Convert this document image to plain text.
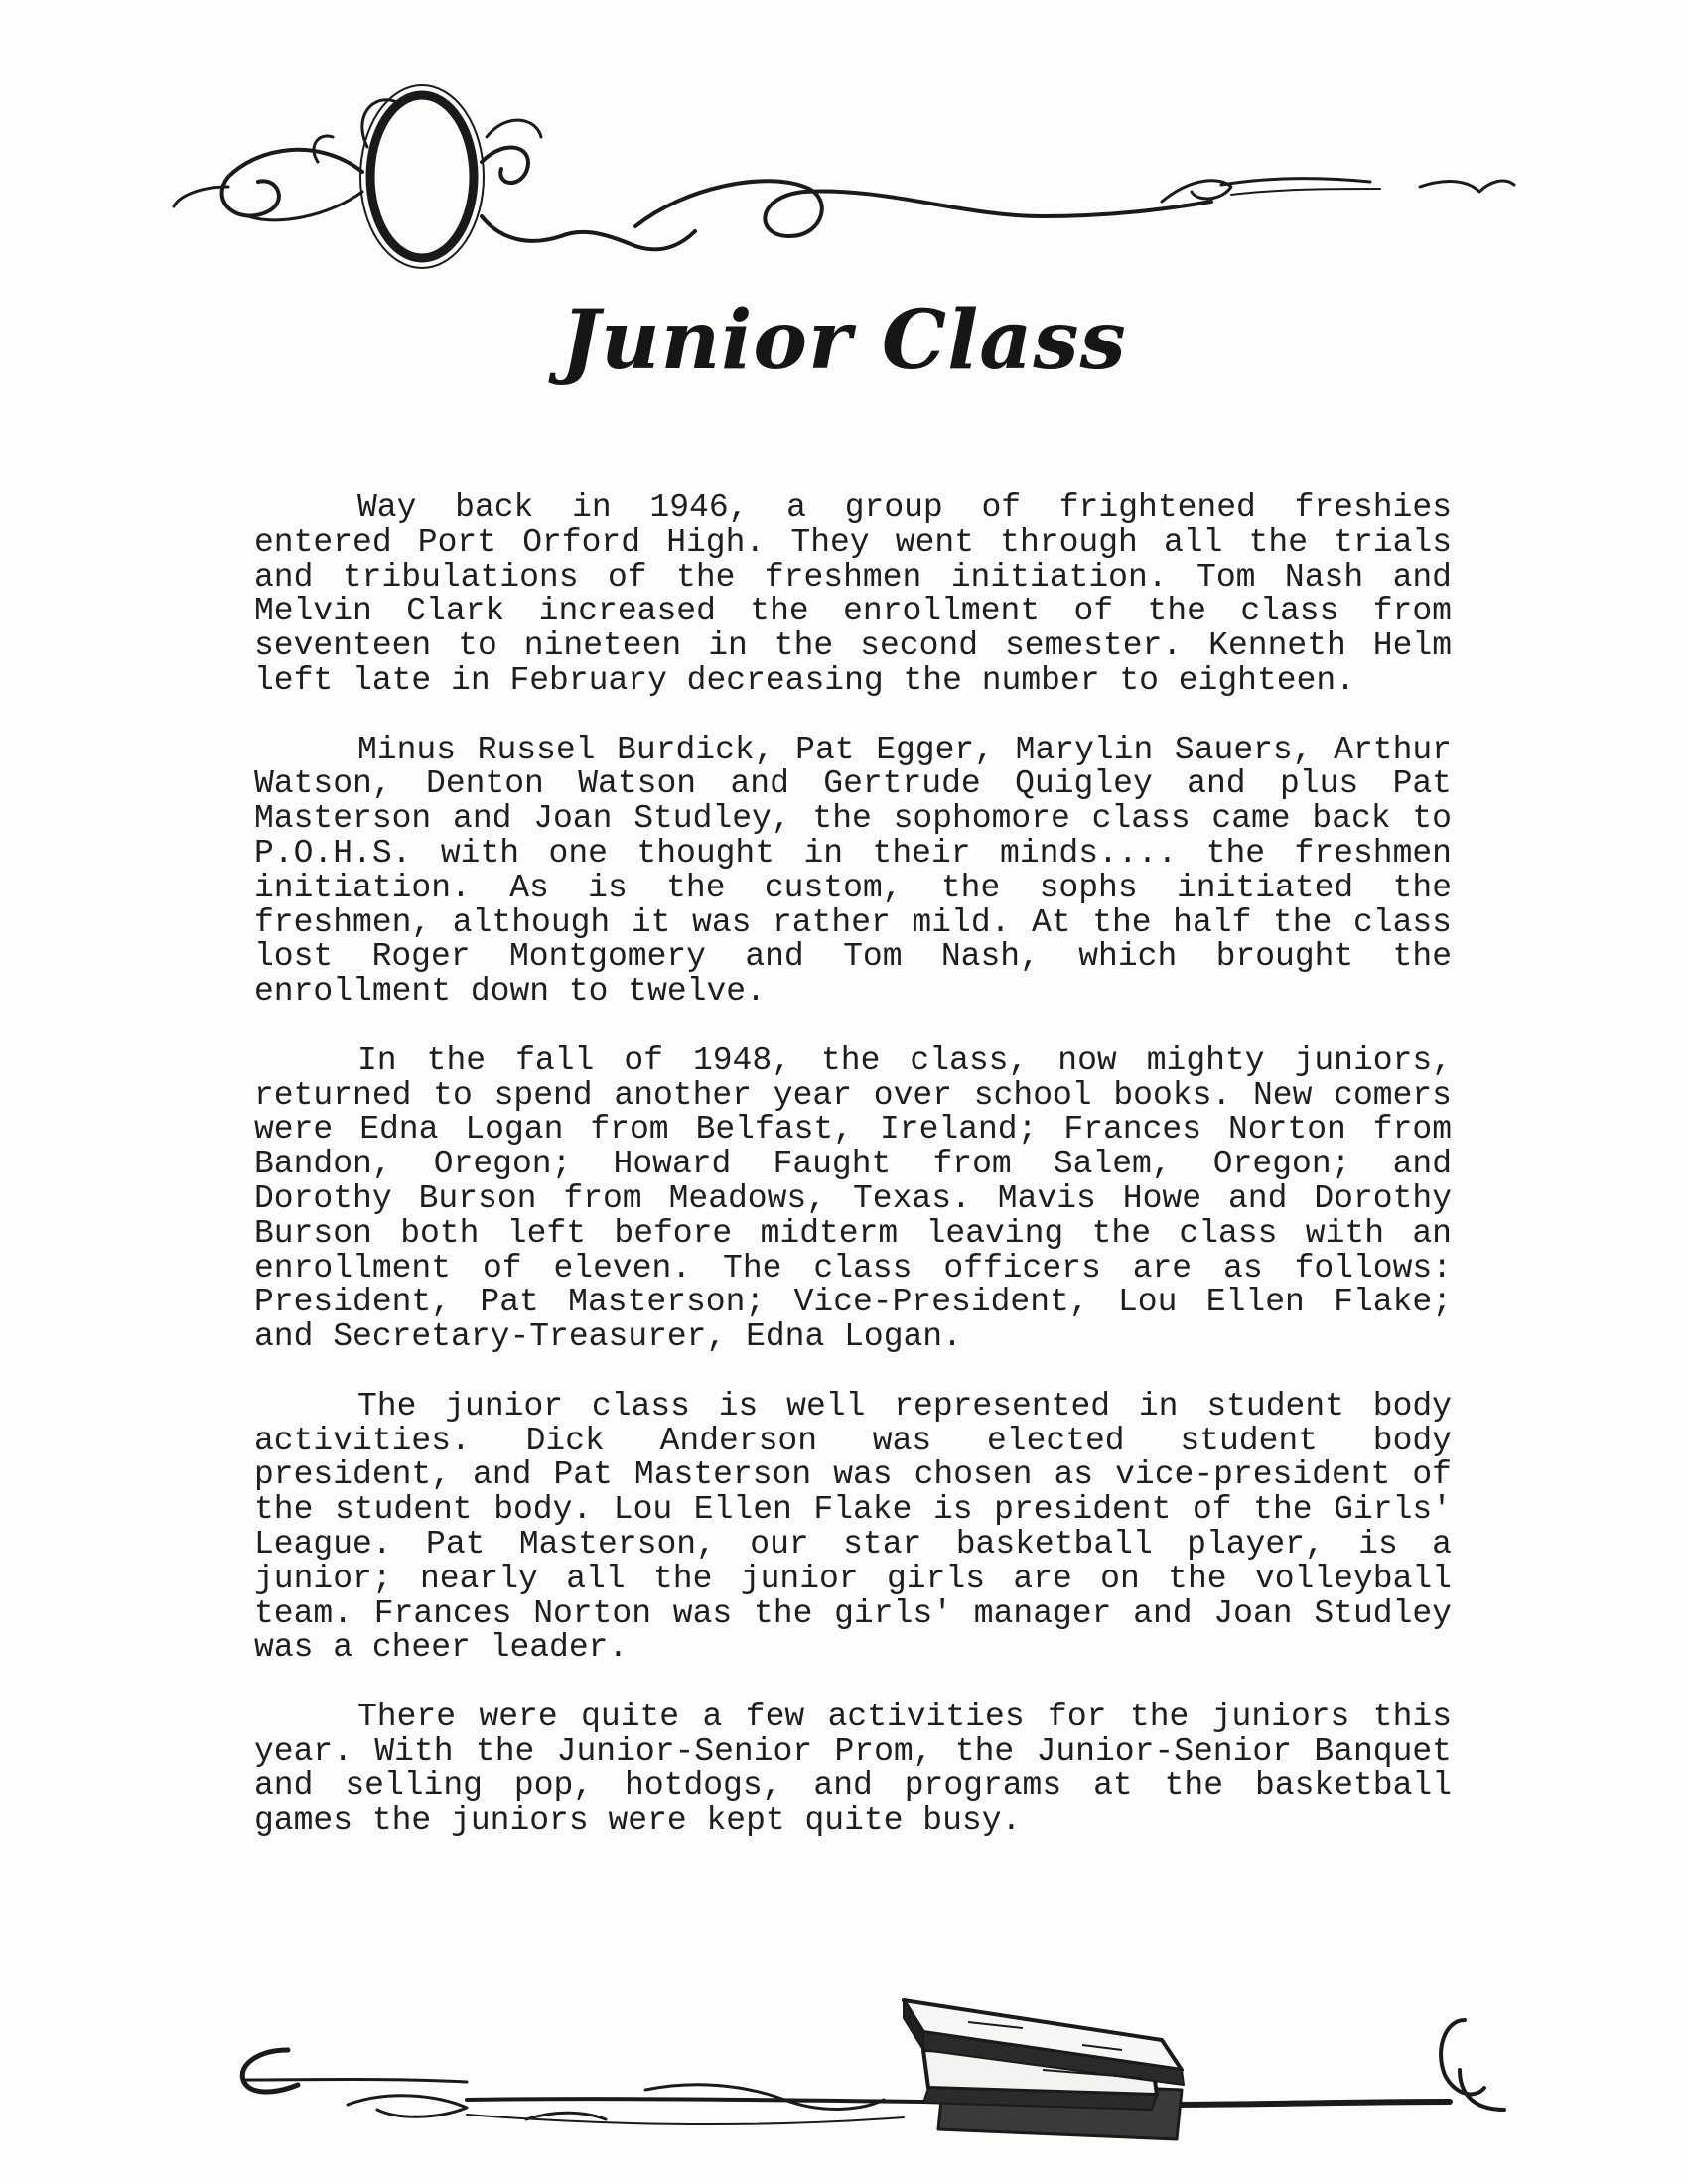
Junior Class

Way back in 1946, a group of frightened freshies entered Port Orford High. They went through all the trials and tribulations of the freshmen initiation. Tom Nash and Melvin Clark increased the enrollment of the class from seventeen to nineteen in the second semester. Kenneth Helm left late in February decreasing the number to eighteen.

Minus Russel Burdick, Pat Egger, Marylin Sauers, Arthur Watson, Denton Watson and Gertrude Quigley and plus Pat Masterson and Joan Studley, the sophomore class came back to P.O.H.S. with one thought in their minds.... the freshmen initiation. As is the custom, the sophs initiated the freshmen, although it was rather mild. At the half the class lost Roger Montgomery and Tom Nash, which brought the enrollment down to twelve.

In the fall of 1948, the class, now mighty juniors, returned to spend another year over school books. New comers were Edna Logan from Belfast, Ireland; Frances Norton from Bandon, Oregon; Howard Faught from Salem, Oregon; and Dorothy Burson from Meadows, Texas. Mavis Howe and Dorothy Burson both left before midterm leaving the class with an enrollment of eleven. The class officers are as follows: President, Pat Masterson; Vice-President, Lou Ellen Flake; and Secretary-Treasurer, Edna Logan.

The junior class is well represented in student body activities. Dick Anderson was elected student body president, and Pat Masterson was chosen as vice-president of the student body. Lou Ellen Flake is president of the Girls' League. Pat Masterson, our star basketball player, is a junior; nearly all the junior girls are on the volleyball team. Frances Norton was the girls' manager and Joan Studley was a cheer leader.

There were quite a few activities for the juniors this year. With the Junior-Senior Prom, the Junior-Senior Banquet and selling pop, hotdogs, and programs at the basketball games the juniors were kept quite busy.
